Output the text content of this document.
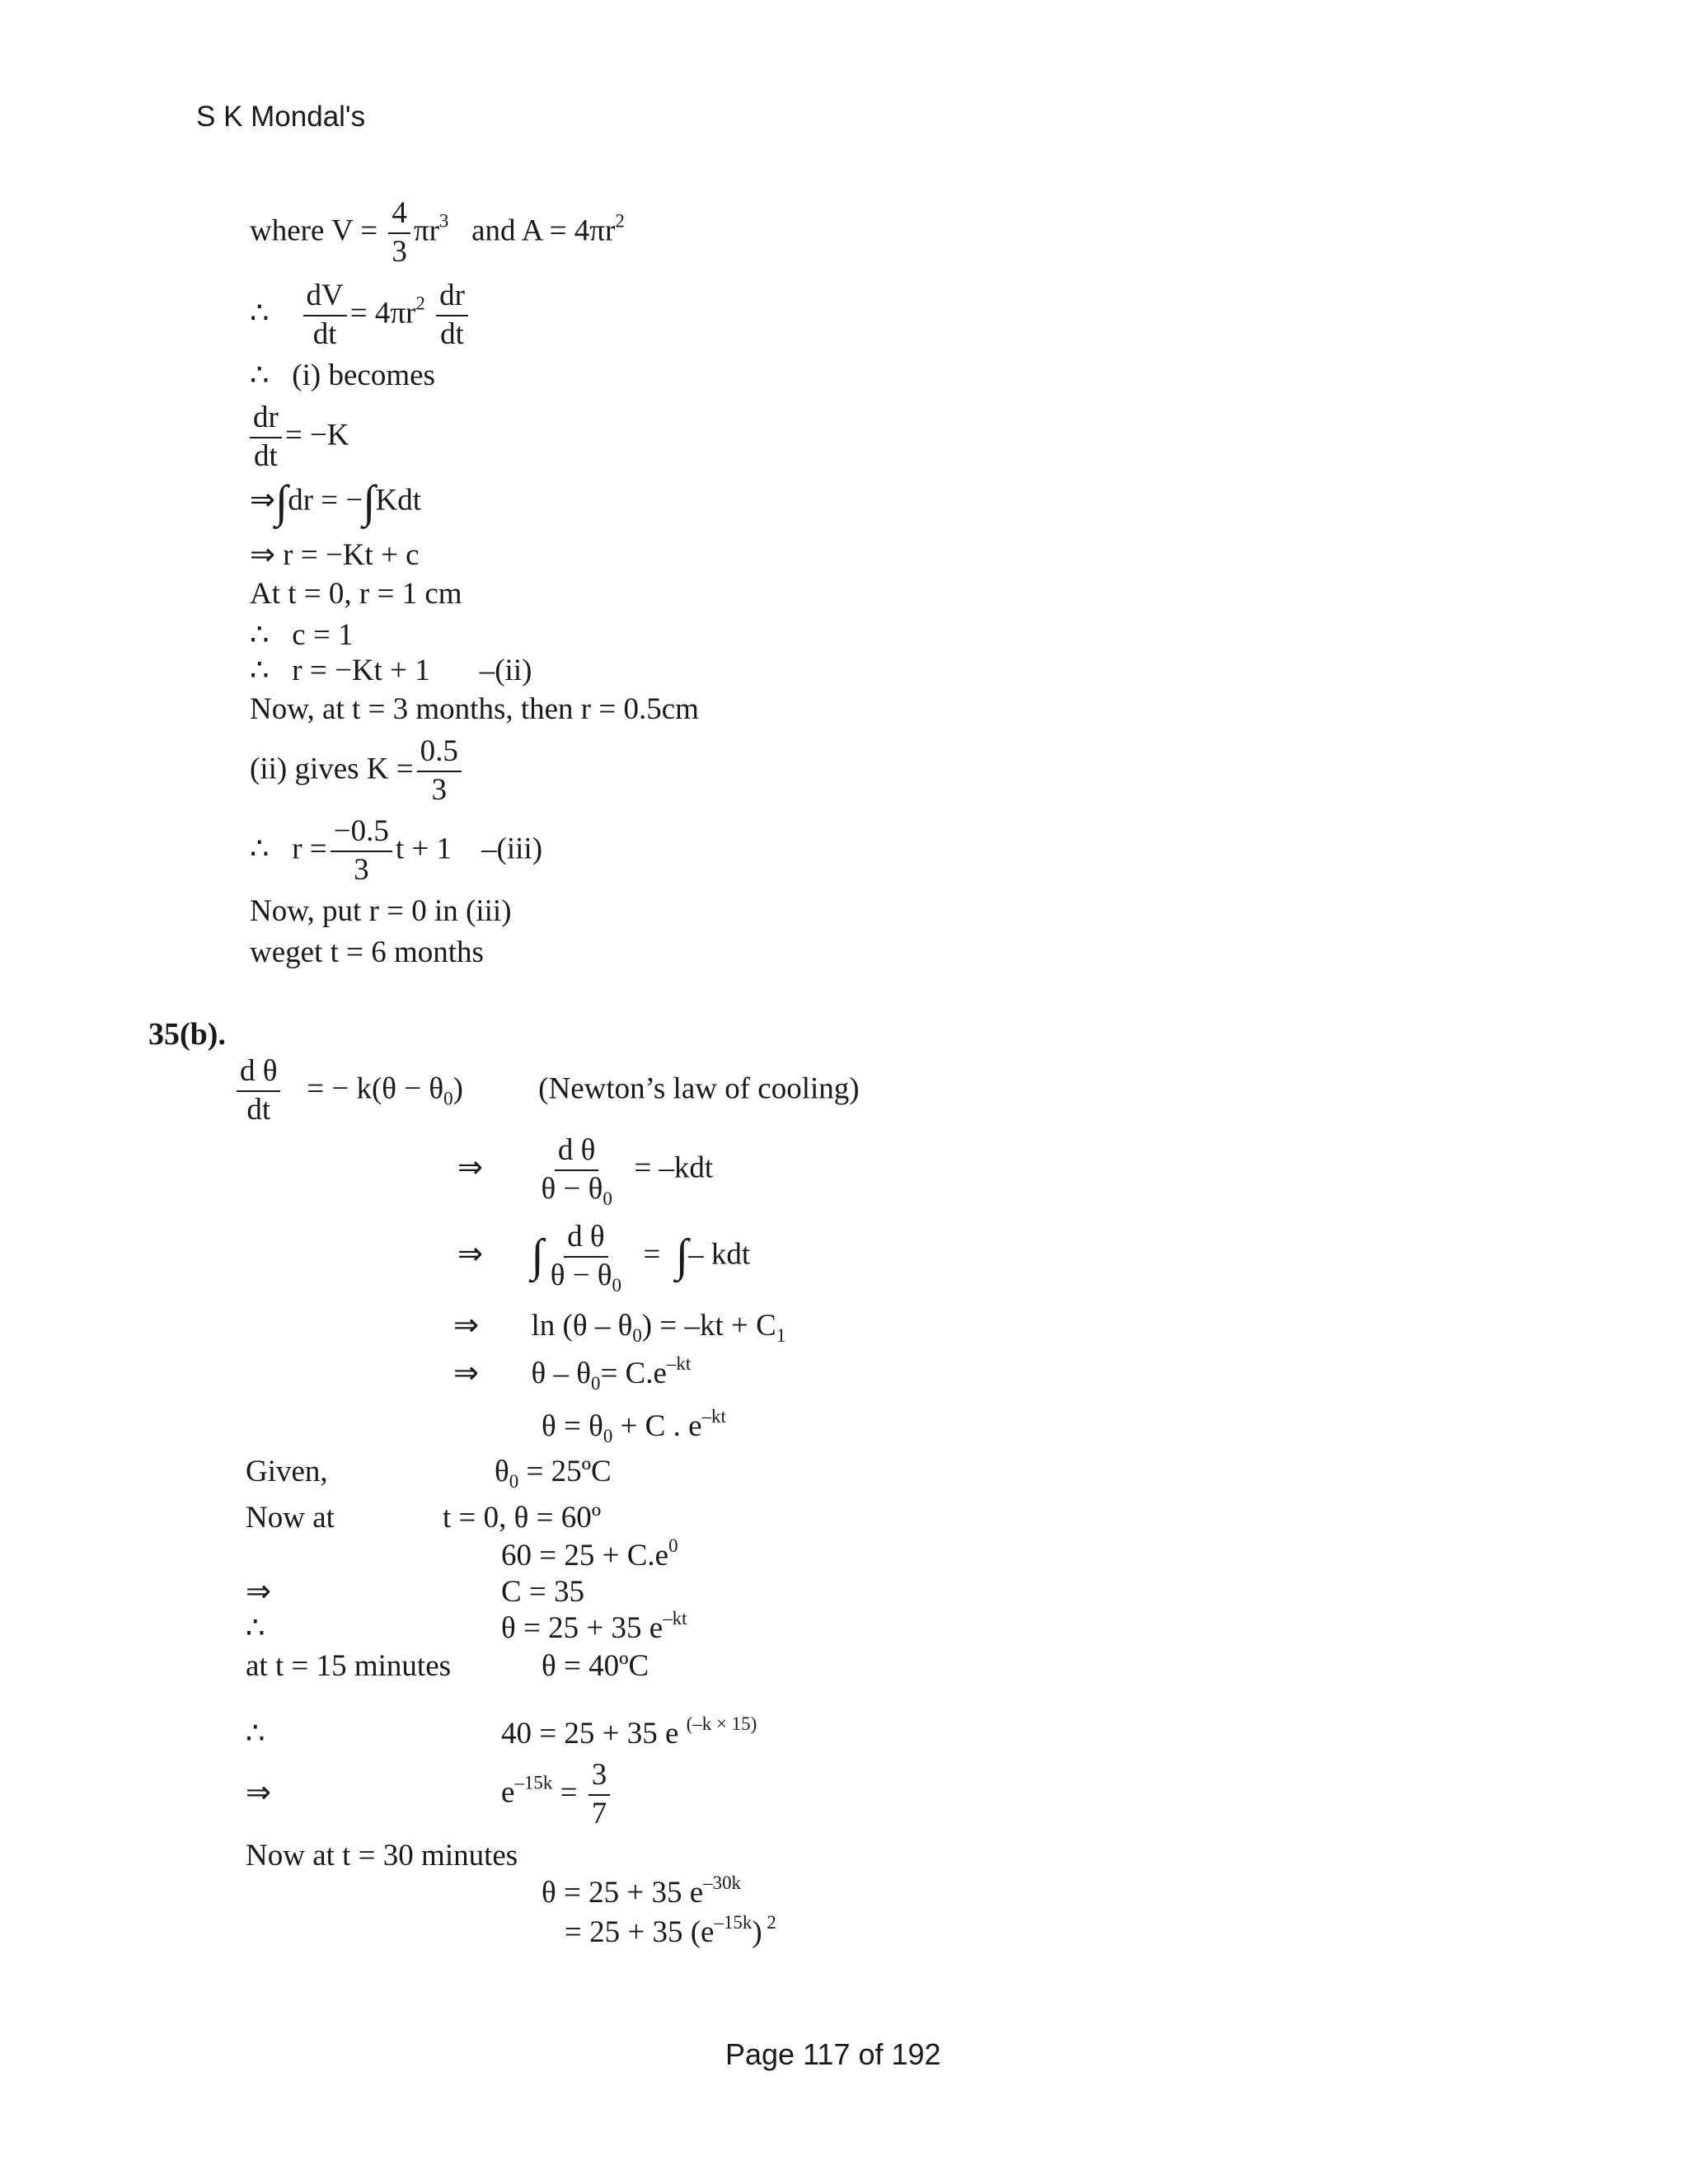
S K Mondal's
where $V = \frac{4}{3} \pi r^3$ and $A = 4\pi r^2$
∴ $\frac{dV}{dt} = 4\pi r^2 \frac{dr}{dt}$
∴ (i) becomes
$\frac{dr}{dt} = -K$
⇒∫dr = −∫Kdt
⇒ r = −Kt + c
At t = 0, r = 1 cm
∴ c = 1
∴ r = −Kt + 1 –(ii)
Now, at t = 3 months, then r = 0.5cm
(ii) gives $K = \frac{0.5}{3}$
∴ $r = \frac{-0.5}{3}$ t + 1 –(iii)
Now, put r = 0 in (iii)
weget t = 6 months
35(b).
$\frac{\text{d θ}}{dt}$ = − $k(\theta - \theta_0)$ (Newton’s law of cooling)
⇒ $\frac{\text{d θ}}{\theta - \theta_0} = -kdt$
⇒ ∫ $\frac{\text{d θ}}{\theta - \theta_0}$ = ∫– kdt
⇒ $\ln (\theta - \theta_0) = -kt + C_1$
⇒ $\theta - \theta_0= C.e^{-kt}$
$\theta = \theta_0 + C$ . $e^{-kt}$
Given,	$\theta_0$ = 25ºC
Now at	t = 0, θ = 60º
$60 = 25 + C.e^0$
⇒	C = 35
∴	θ = 25 + 35 $e^{-kt}$
at t = 15 minutes	θ = 40ºC
∴	40 = 25 + 35 e $^{(-k \times 15)}$
⇒	$e^{-15k} = \frac{3}{7}$
Now at t = 30 minutes
θ = 25 + 35 $e^{-30k}$
= 25 + 35 $(e^{-15k})$ $^2$
Page 117 of 192
